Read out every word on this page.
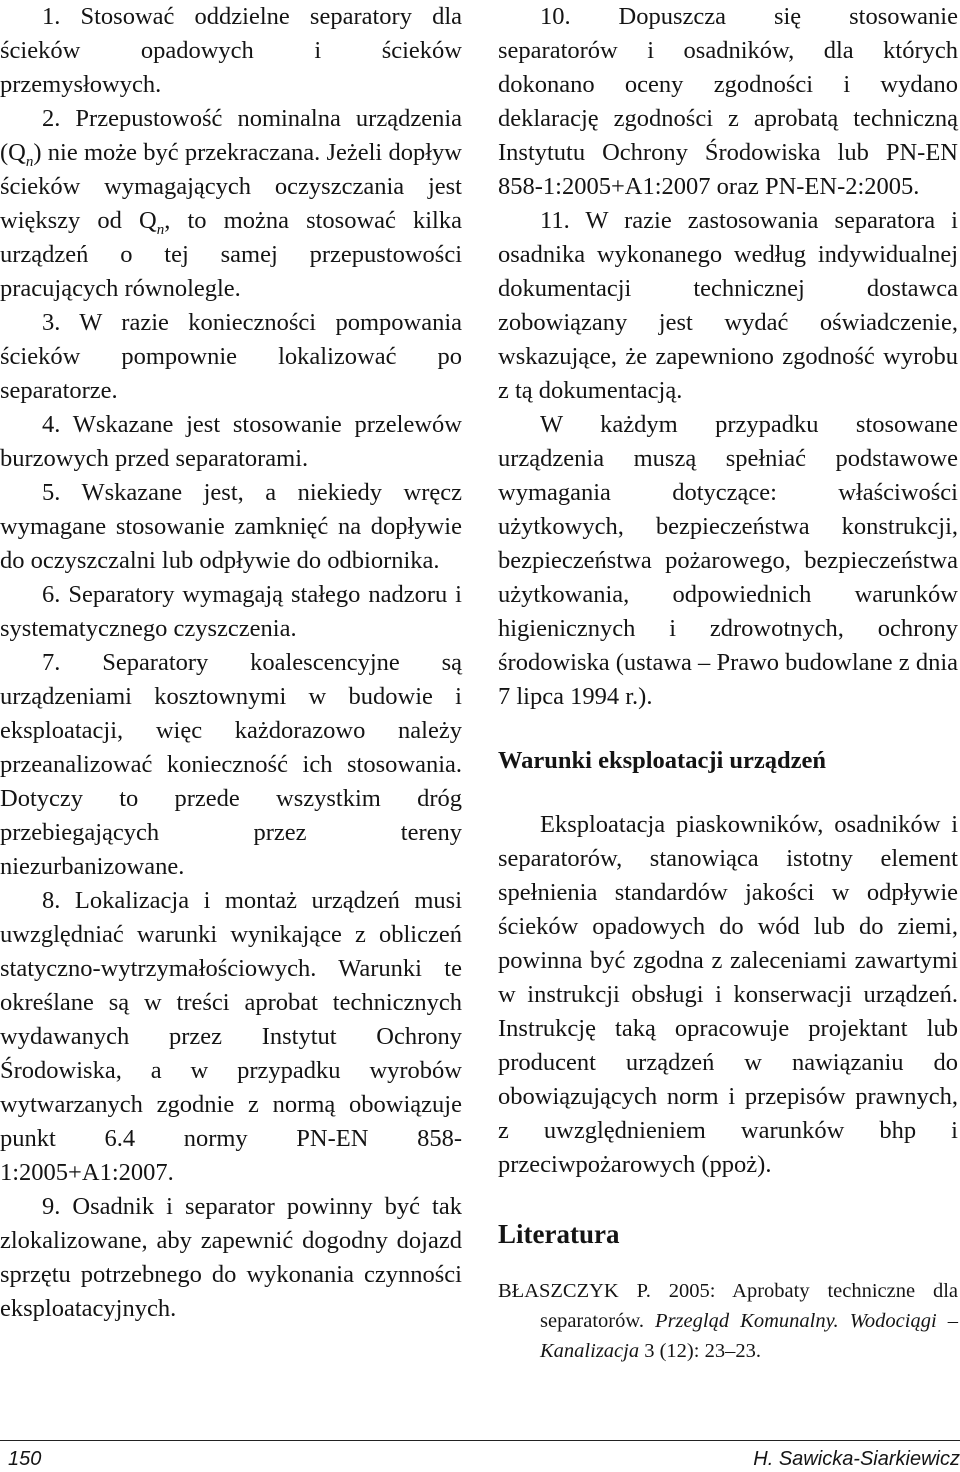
1. Stosować oddzielne separatory dla ścieków opadowych i ścieków przemysłowych.

2. Przepustowość nominalna urządzenia $(Q_n)$ nie może być przekraczana. Jeżeli dopływ ścieków wymagających oczyszczania jest większy od $Q_n$, to można stosować kilka urządzeń o tej samej przepustowości pracujących równolegle.

3. W razie konieczności pompowania ścieków pompownie lokalizować po separatorze.

4. Wskazane jest stosowanie przelewów burzowych przed separatorami.

5. Wskazane jest, a niekiedy wręcz wymagane stosowanie zamknięć na dopływie do oczyszczalni lub odpływie do odbiornika.

6. Separatory wymagają stałego nadzoru i systematycznego czyszczenia.

7. Separatory koalescencyjne są urządzeniami kosztownymi w budowie i eksploatacji, więc każdorazowo należy przeanalizować konieczność ich stosowania. Dotyczy to przede wszystkim dróg przebiegających przez tereny niezurbanizowane.

8. Lokalizacja i montaż urządzeń musi uwzględniać warunki wynikające z obliczeń statyczno-wytrzymałościowych. Warunki te określane są w treści aprobat technicznych wydawanych przez Instytut Ochrony Środowiska, a w przypadku wyrobów wytwarzanych zgodnie z normą obowiązuje punkt 6.4 normy PN-EN 858-1:2005+A1:2007.

9. Osadnik i separator powinny być tak zlokalizowane, aby zapewnić dogodny dojazd sprzętu potrzebnego do wykonania czynności eksploatacyjnych.

10. Dopuszcza się stosowanie separatorów i osadników, dla których dokonano oceny zgodności i wydano deklarację zgodności z aprobatą techniczną Instytutu Ochrony Środowiska lub PN-EN 858-1:2005+A1:2007 oraz PN-EN-2:2005.

11. W razie zastosowania separatora i osadnika wykonanego według indywidualnej dokumentacji technicznej dostawca zobowiązany jest wydać oświadczenie, wskazujące, że zapewniono zgodność wyrobu z tą dokumentacją.

W każdym przypadku stosowane urządzenia muszą spełniać podstawowe wymagania dotyczące: właściwości użytkowych, bezpieczeństwa konstrukcji, bezpieczeństwa pożarowego, bezpieczeństwa użytkowania, odpowiednich warunków higienicznych i zdrowotnych, ochrony środowiska (ustawa – Prawo budowlane z dnia 7 lipca 1994 r.).

Warunki eksploatacji urządzeń

Eksploatacja piaskowników, osadników i separatorów, stanowiąca istotny element spełnienia standardów jakości w odpływie ścieków opadowych do wód lub do ziemi, powinna być zgodna z zaleceniami zawartymi w instrukcji obsługi i konserwacji urządzeń. Instrukcję taką opracowuje projektant lub producent urządzeń w nawiązaniu do obowiązujących norm i przepisów prawnych, z uwzględnieniem warunków bhp i przeciwpożarowych (ppoż).

Literatura

BŁASZCZYK P. 2005: Aprobaty techniczne dla separatorów. Przegląd Komunalny. Wodociągi – Kanalizacja 3 (12): 23–23.

150	H. Sawicka-Siarkiewicz
